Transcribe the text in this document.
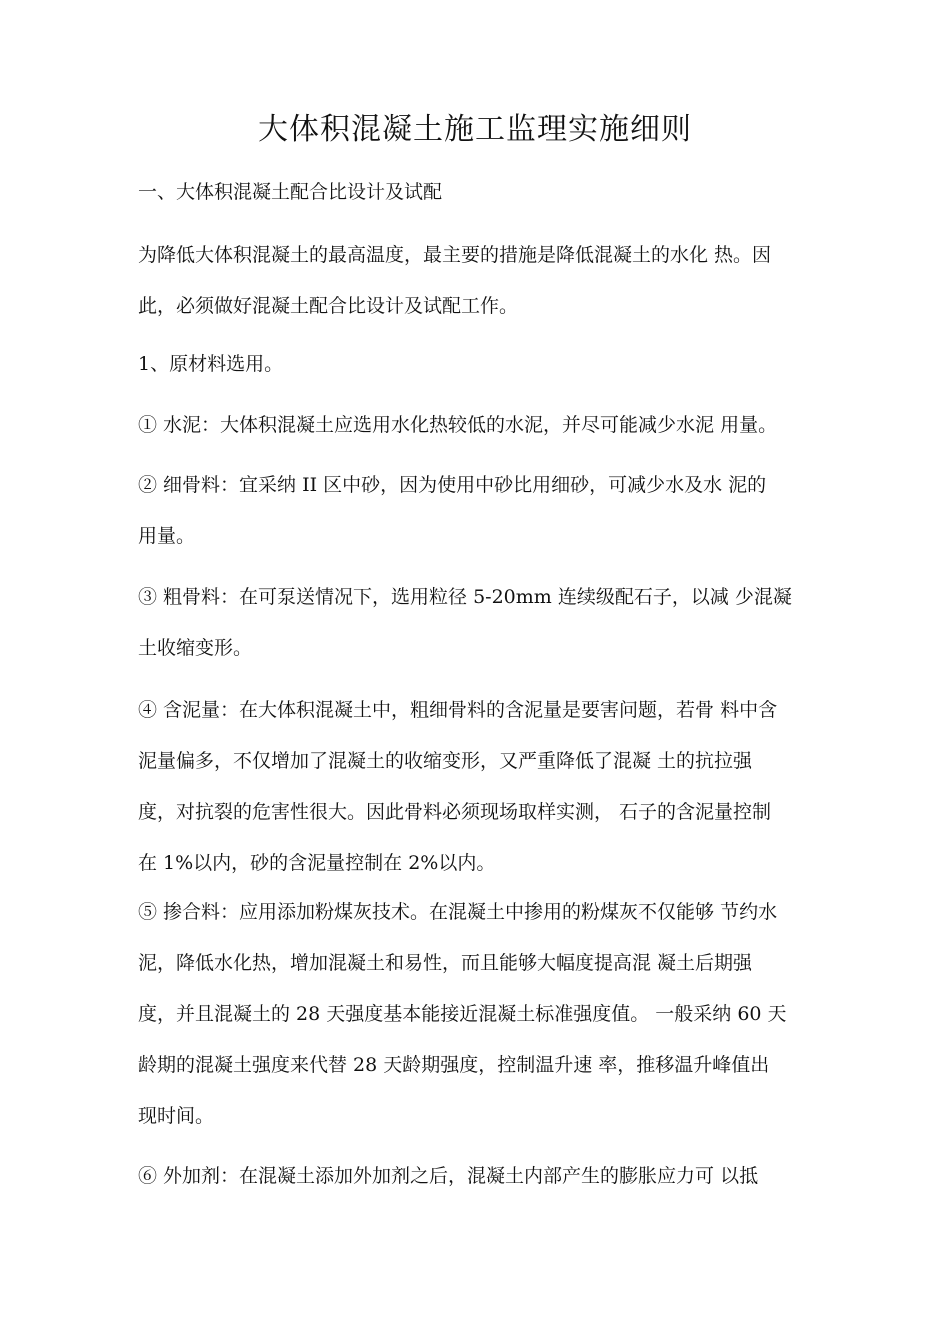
大体积混凝土施工监理实施细则
一、大体积混凝土配合比设计及试配
为降低大体积混凝土的最高温度，最主要的措施是降低混凝土的水化 热。因
此，必须做好混凝土配合比设计及试配工作。
1、原材料选用。
① 水泥：大体积混凝土应选用水化热较低的水泥，并尽可能减少水泥 用量。
② 细骨料：宜采纳 II 区中砂，因为使用中砂比用细砂，可减少水及水 泥的
用量。
③ 粗骨料：在可泵送情况下，选用粒径 5-20mm 连续级配石子，以减 少混凝
土收缩变形。
④ 含泥量：在大体积混凝土中，粗细骨料的含泥量是要害问题，若骨 料中含
泥量偏多，不仅增加了混凝土的收缩变形，又严重降低了混凝 土的抗拉强
度，对抗裂的危害性很大。因此骨料必须现场取样实测， 石子的含泥量控制
在 1%以内，砂的含泥量控制在 2%以内。
⑤ 掺合料：应用添加粉煤灰技术。在混凝土中掺用的粉煤灰不仅能够 节约水
泥，降低水化热，增加混凝土和易性，而且能够大幅度提高混 凝土后期强
度，并且混凝土的 28 天强度基本能接近混凝土标准强度值。 一般采纳 60 天
龄期的混凝土强度来代替 28 天龄期强度，控制温升速 率，推移温升峰值出
现时间。
⑥ 外加剂：在混凝土添加外加剂之后，混凝土内部产生的膨胀应力可 以抵
